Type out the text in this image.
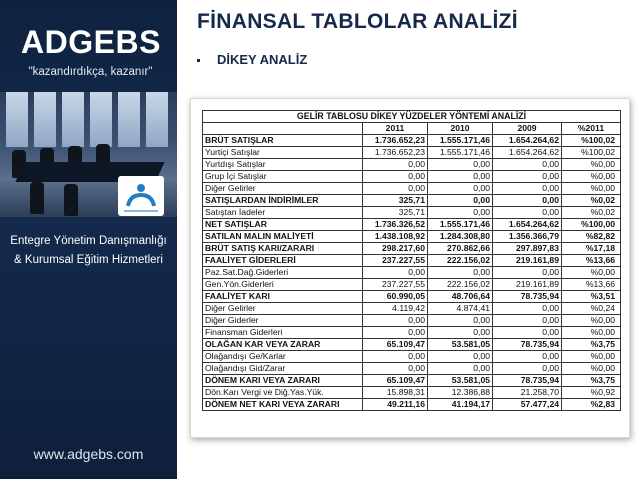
ADGEBS
"kazandırdıkça, kazanır"
Entegre Yönetim Danışmanlığı
& Kurumsal Eğitim Hizmetleri
www.adgebs.com
FİNANSAL TABLOLAR ANALİZİ
DİKEY ANALİZ
GELİR TABLOSU DİKEY YÜZDELER YÖNTEMİ ANALİZİ				
	2011	2010	2009	%2011
BRÜT SATIŞLAR	1.736.652,23	1.555.171,46	1.654.264,62	%100,02
Yurtiçi Satışlar	1.736.652,23	1.555.171,46	1.654.264,62	%100,02
Yurtdışı Satışlar	0,00	0,00	0,00	%0,00
Grup İçi Satışlar	0,00	0,00	0,00	%0,00
Diğer Gelirler	0,00	0,00	0,00	%0,00
SATIŞLARDAN İNDİRİMLER	325,71	0,00	0,00	%0,02
Satıştan İadeler	325,71	0,00	0,00	%0,02
NET SATIŞLAR	1.736.326,52	1.555.171,46	1.654.264,62	%100,00
SATILAN MALIN MALİYETİ	1.438.108,92	1.284.308,80	1.356.366,79	%82,82
BRÜT SATIŞ KARI/ZARARI	298.217,60	270.862,66	297.897,83	%17,18
FAALİYET GİDERLERİ	237.227,55	222.156,02	219.161,89	%13,66
Paz.Sat.Dağ.Giderleri	0,00	0,00	0,00	%0,00
Gen.Yön.Giderleri	237.227,55	222.156,02	219.161,89	%13,66
FAALİYET KARI	60.990,05	48.706,64	78.735,94	%3,51
Diğer Gelirler	4.119,42	4.874,41	0,00	%0,24
Diğer Giderler	0,00	0,00	0,00	%0,00
Finansman Giderleri	0,00	0,00	0,00	%0,00
OLAĞAN KAR VEYA ZARAR	65.109,47	53.581,05	78.735,94	%3,75
Olağandışı Ge/Karlar	0,00	0,00	0,00	%0,00
Olağandışı Gid/Zarar	0,00	0,00	0,00	%0,00
DÖNEM KARI VEYA ZARARI	65.109,47	53.581,05	78.735,94	%3,75
Dön.Karı Vergi ve Diğ.Yas.Yük.	15.898,31	12.386,88	21.258,70	%0,92
DÖNEM NET KARI VEYA ZARARI	49.211,16	41.194,17	57.477,24	%2,83
